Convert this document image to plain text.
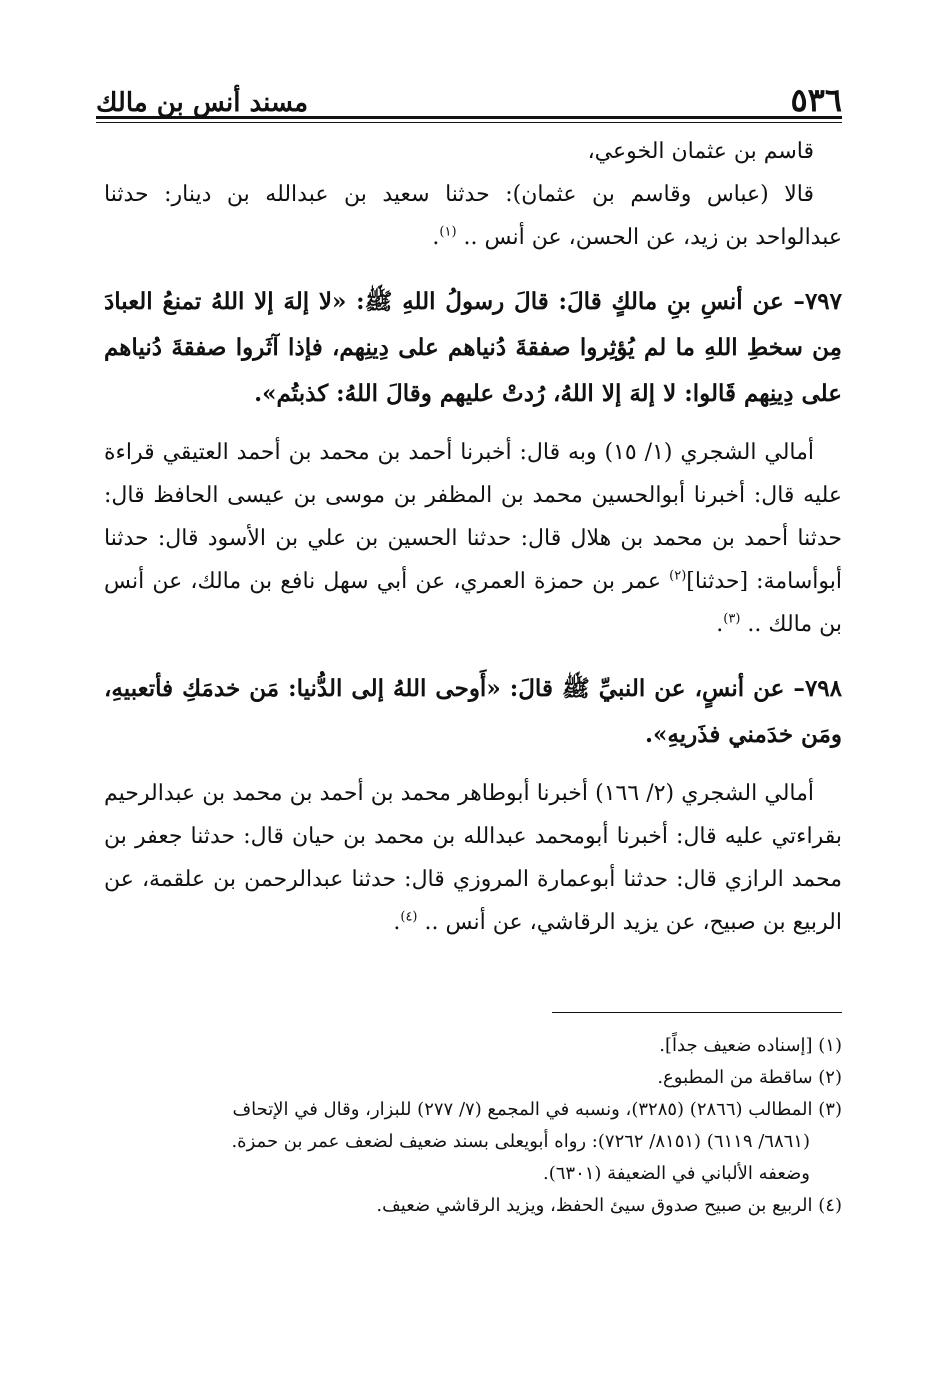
٥٣٦
مسند أنس بن مالك

قاسم بن عثمان الخوعي،

قالا (عباس وقاسم بن عثمان): حدثنا سعيد بن عبدالله بن دينار: حدثنا عبدالواحد بن زيد، عن الحسن، عن أنس .. $^{(١)}$.

٧٩٧– عن أنسِ بنِ مالكٍ قالَ: قالَ رسولُ اللهِ ﷺ: «لا إلهَ إلا اللهُ تمنعُ العبادَ مِن سخطِ اللهِ ما لم يُؤثِروا صفقةَ دُنياهم على دِينِهم، فإذا آثَروا صفقةَ دُنياهم على دِينِهم قَالوا: لا إلهَ إلا اللهُ، رُدتْ عليهم وقالَ اللهُ: كذبتُم».

أمالي الشجري (١/ ١٥) وبه قال: أخبرنا أحمد بن محمد بن أحمد العتيقي قراءة عليه قال: أخبرنا أبوالحسين محمد بن المظفر بن موسى بن عيسى الحافظ قال: حدثنا أحمد بن محمد بن هلال قال: حدثنا الحسين بن علي بن الأسود قال: حدثنا أبوأسامة: [حدثنا]$^{(٢)}$ عمر بن حمزة العمري، عن أبي سهل نافع بن مالك، عن أنس بن مالك .. $^{(٣)}$.

٧٩٨– عن أنسٍ، عن النبيِّ ﷺ قالَ: «أَوحى اللهُ إلى الدُّنيا: مَن خدمَكِ فأتعبيهِ، ومَن خدَمني فذَريهِ».

أمالي الشجري (٢/ ١٦٦) أخبرنا أبوطاهر محمد بن أحمد بن محمد بن عبدالرحيم بقراءتي عليه قال: أخبرنا أبومحمد عبدالله بن محمد بن حيان قال: حدثنا جعفر بن محمد الرازي قال: حدثنا أبوعمارة المروزي قال: حدثنا عبدالرحمن بن علقمة، عن الربيع بن صبيح، عن يزيد الرقاشي، عن أنس .. $^{(٤)}$.

(١) [إسناده ضعيف جداً].

(٢) ساقطة من المطبوع.

(٣) المطالب (٢٨٦٦) (٣٢٨٥)، ونسبه في المجمع (٧/ ٢٧٧) للبزار، وقال في الإتحاف

(٦٨٦١/ ٦١١٩) (٨١٥١/ ٧٢٦٢): رواه أبويعلى بسند ضعيف لضعف عمر بن حمزة.

وضعفه الألباني في الضعيفة (٦٣٠١).

(٤) الربيع بن صبيح صدوق سيئ الحفظ، ويزيد الرقاشي ضعيف.
